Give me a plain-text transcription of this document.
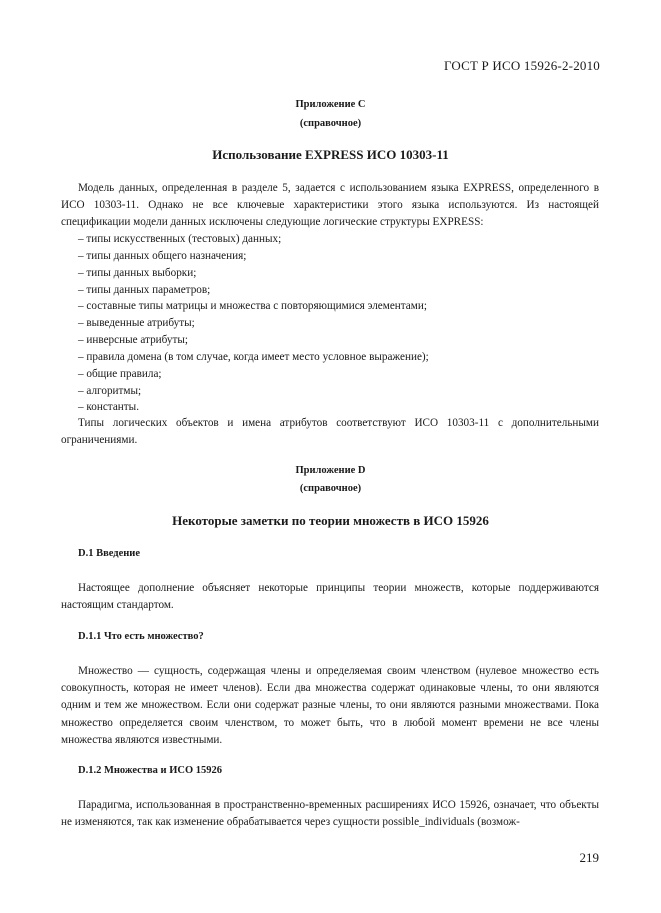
ГОСТ Р ИСО 15926-2-2010
Приложение С
(справочное)
Использование EXPRESS ИСО 10303-11

Модель данных, определенная в разделе 5, задается с использованием языка EXPRESS, определенного в ИСО 10303-11. Однако не все ключевые характеристики этого языка используются. Из настоящей спецификации модели данных исключены следующие логические структуры EXPRESS:

– типы искусственных (тестовых) данных;
– типы данных общего назначения;
– типы данных выборки;
– типы данных параметров;
– составные типы матрицы и множества с повторяющимися элементами;
– выведенные атрибуты;
– инверсные атрибуты;
– правила домена (в том случае, когда имеет место условное выражение);
– общие правила;
– алгоритмы;
– константы.

Типы логических объектов и имена атрибутов соответствуют ИСО 10303-11 с дополнительными ограничениями.

Приложение D
(справочное)
Некоторые заметки по теории множеств в ИСО 15926
D.1 Введение

Настоящее дополнение объясняет некоторые принципы теории множеств, которые поддерживаются настоящим стандартом.

D.1.1 Что есть множество?

Множество — сущность, содержащая члены и определяемая своим членством (нулевое множество есть совокупность, которая не имеет членов). Если два множества содержат одинаковые члены, то они являются одним и тем же множеством. Если они содержат разные члены, то они являются разными множествами. Пока множество определяется своим членством, то может быть, что в любой момент времени не все члены множества являются известными.

D.1.2 Множества и ИСО 15926

Парадигма, использованная в пространственно-временных расширениях ИСО 15926, означает, что объекты не изменяются, так как изменение обрабатывается через сущности possible_individuals (возмож-

219
